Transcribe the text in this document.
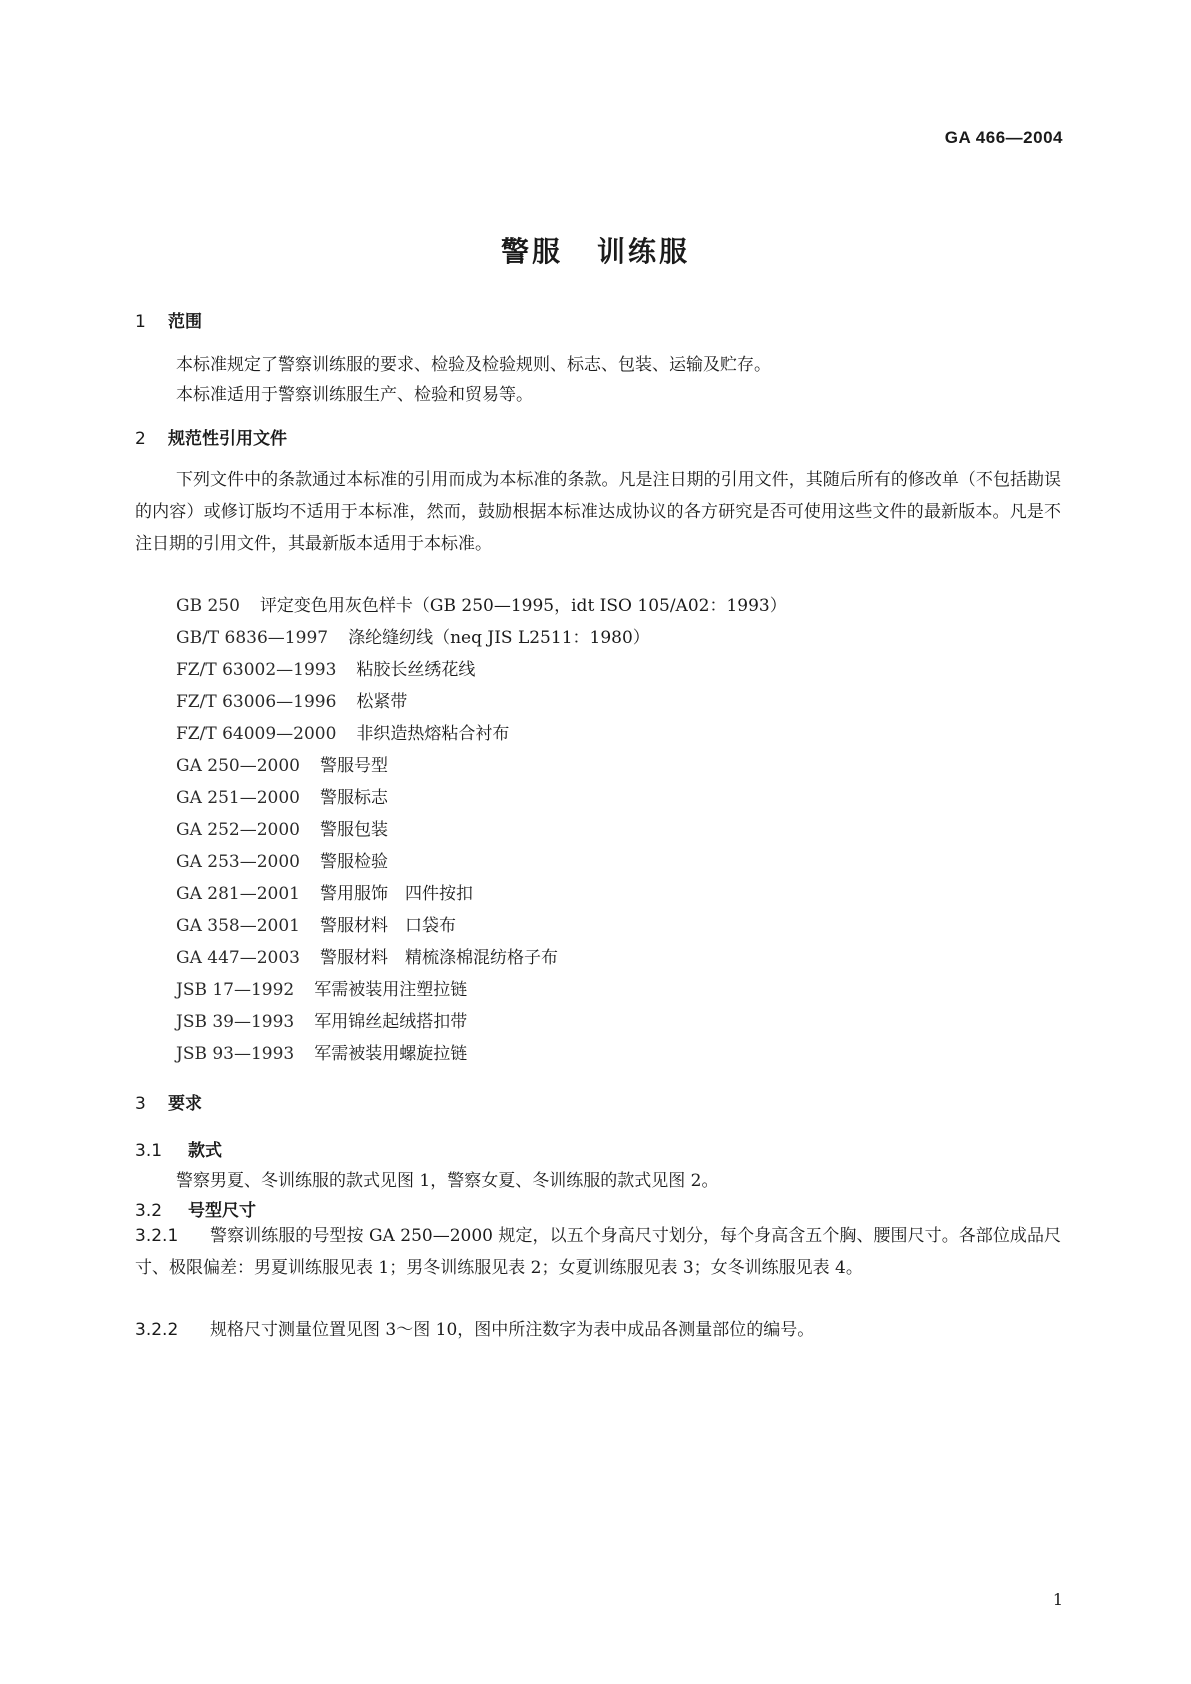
GA 466—2004
警服 训练服
1 范围
本标准规定了警察训练服的要求、检验及检验规则、标志、包装、运输及贮存。
本标准适用于警察训练服生产、检验和贸易等。
2 规范性引用文件
下列文件中的条款通过本标准的引用而成为本标准的条款。凡是注日期的引用文件，其随后所有的修改单（不包括勘误的内容）或修订版均不适用于本标准，然而，鼓励根据本标准达成协议的各方研究是否可使用这些文件的最新版本。凡是不注日期的引用文件，其最新版本适用于本标准。
GB 250 评定变色用灰色样卡（GB 250—1995，idt ISO 105/A02：1993）
GB/T 6836—1997 涤纶缝纫线（neq JIS L2511：1980）
FZ/T 63002—1993 粘胶长丝绣花线
FZ/T 63006—1996 松紧带
FZ/T 64009—2000 非织造热熔粘合衬布
GA 250—2000 警服号型
GA 251—2000 警服标志
GA 252—2000 警服包装
GA 253—2000 警服检验
GA 281—2001 警用服饰　四件按扣
GA 358—2001 警服材料　口袋布
GA 447—2003 警服材料　精梳涤棉混纺格子布
JSB 17—1992 军需被装用注塑拉链
JSB 39—1993 军用锦丝起绒搭扣带
JSB 93—1993 军需被装用螺旋拉链
3 要求
3.1 款式
警察男夏、冬训练服的款式见图 1，警察女夏、冬训练服的款式见图 2。
3.2 号型尺寸
3.2.1 警察训练服的号型按 GA 250—2000 规定，以五个身高尺寸划分，每个身高含五个胸、腰围尺寸。各部位成品尺寸、极限偏差：男夏训练服见表 1；男冬训练服见表 2；女夏训练服见表 3；女冬训练服见表 4。
3.2.2 规格尺寸测量位置见图 3～图 10，图中所注数字为表中成品各测量部位的编号。
1
